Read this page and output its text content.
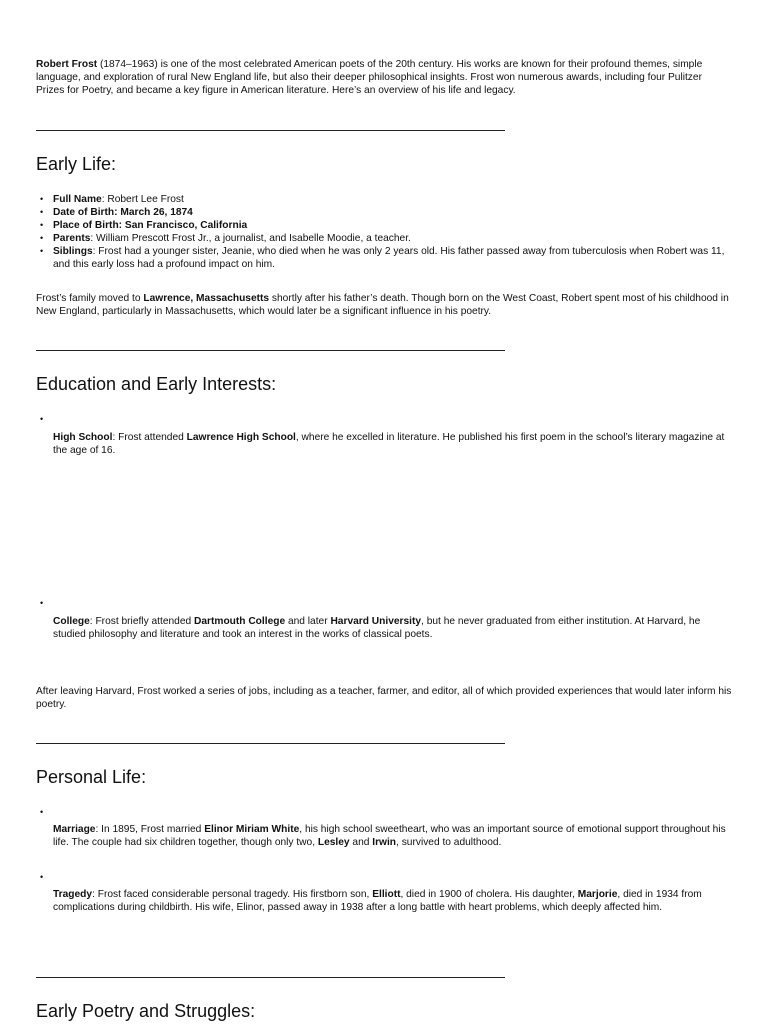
Robert Frost (1874–1963) is one of the most celebrated American poets of the 20th century. His works are known for their profound themes, simple language, and exploration of rural New England life, but also their deeper philosophical insights. Frost won numerous awards, including four Pulitzer Prizes for Poetry, and became a key figure in American literature. Here’s an overview of his life and legacy.

Early Life:
• Full Name: Robert Lee Frost
• Date of Birth: March 26, 1874
• Place of Birth: San Francisco, California
• Parents: William Prescott Frost Jr., a journalist, and Isabelle Moodie, a teacher.
• Siblings: Frost had a younger sister, Jeanie, who died when he was only 2 years old. His father passed away from tuberculosis when Robert was 11, and this early loss had a profound impact on him.

Frost’s family moved to Lawrence, Massachusetts shortly after his father’s death. Though born on the West Coast, Robert spent most of his childhood in New England, particularly in Massachusetts, which would later be a significant influence in his poetry.

Education and Early Interests:
•

High School: Frost attended Lawrence High School, where he excelled in literature. He published his first poem in the school’s literary magazine at the age of 16.

•

College: Frost briefly attended Dartmouth College and later Harvard University, but he never graduated from either institution. At Harvard, he studied philosophy and literature and took an interest in the works of classical poets.

After leaving Harvard, Frost worked a series of jobs, including as a teacher, farmer, and editor, all of which provided experiences that would later inform his poetry.

Personal Life:
•

Marriage: In 1895, Frost married Elinor Miriam White, his high school sweetheart, who was an important source of emotional support throughout his life. The couple had six children together, though only two, Lesley and Irwin, survived to adulthood.

•

Tragedy: Frost faced considerable personal tragedy. His firstborn son, Elliott, died in 1900 of cholera. His daughter, Marjorie, died in 1934 from complications during childbirth. His wife, Elinor, passed away in 1938 after a long battle with heart problems, which deeply affected him.

Early Poetry and Struggles:
